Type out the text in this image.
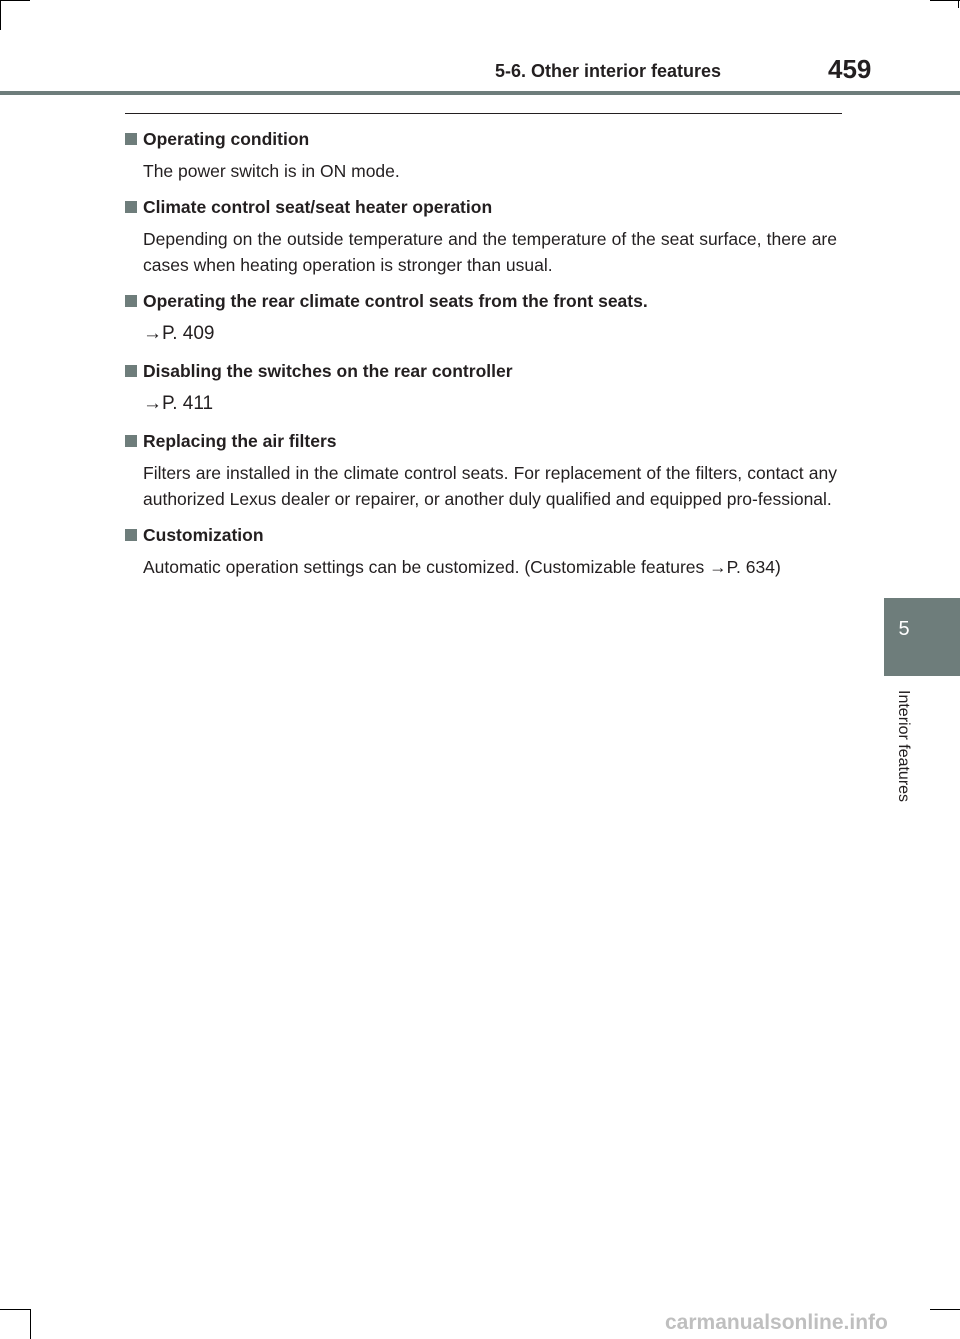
5-6. Other interior features	459
Operating condition
The power switch is in ON mode.
Climate control seat/seat heater operation
Depending on the outside temperature and the temperature of the seat surface, there are cases when heating operation is stronger than usual.
Operating the rear climate control seats from the front seats.
→P. 409
Disabling the switches on the rear controller
→P. 411
Replacing the air filters
Filters are installed in the climate control seats. For replacement of the filters, contact any authorized Lexus dealer or repairer, or another duly qualified and equipped pro-fessional.
Customization
Automatic operation settings can be customized. (Customizable features →P. 634)
5
Interior features
carmanualsonline.info
